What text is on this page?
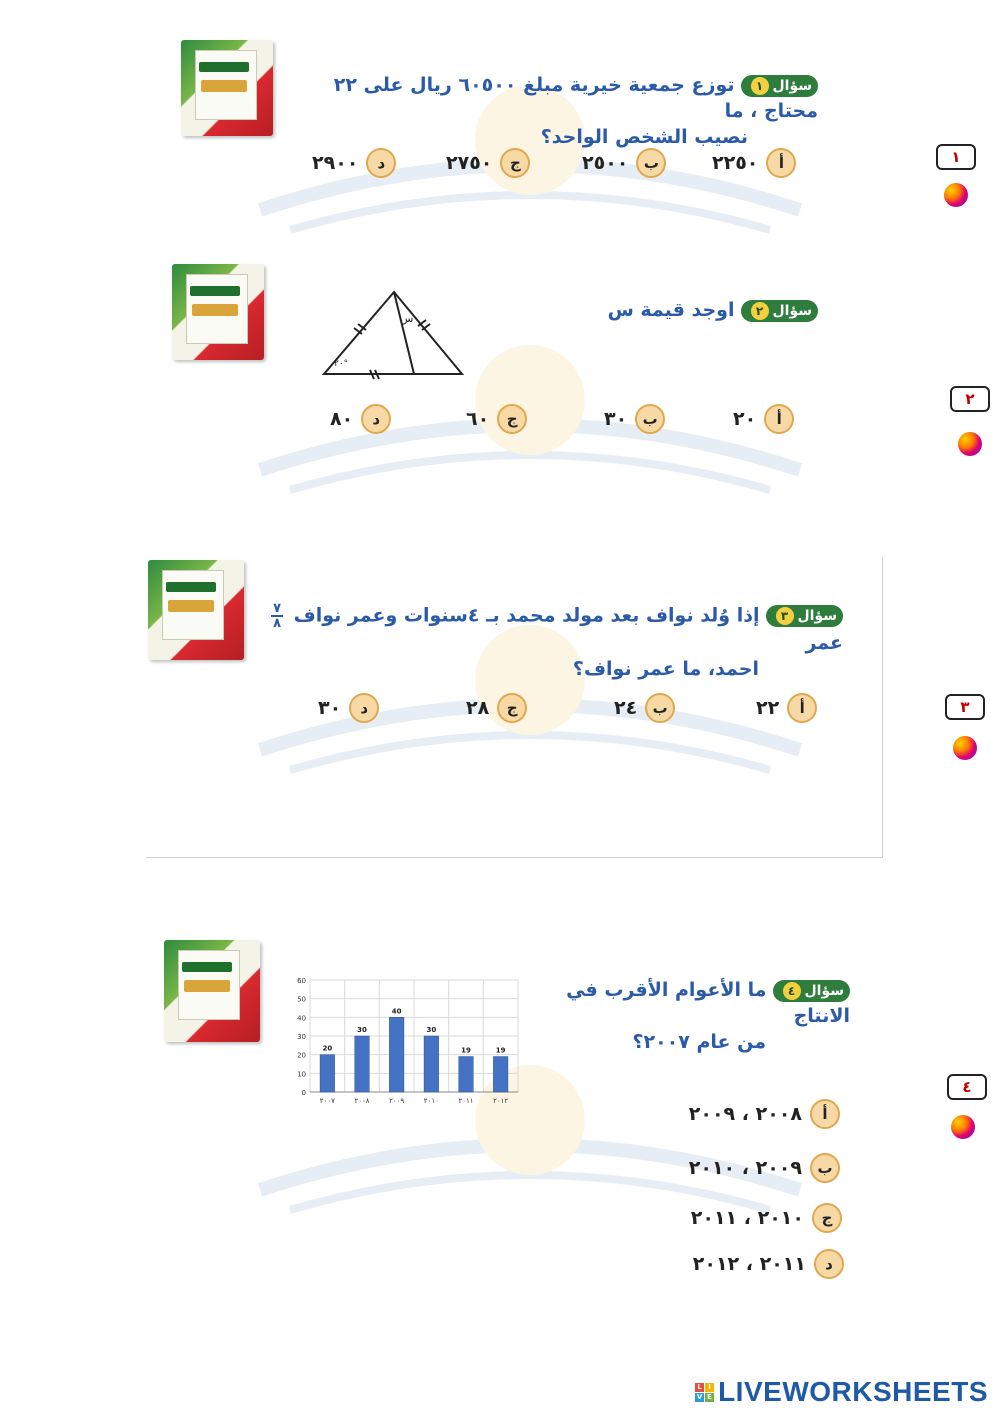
سؤال١توزع جمعية خيرية مبلغ ٦٠٥٠٠ ريال على ٢٢ محتاج ، ما
نصيب الشخص الواحد؟
أ
٢٢٥٠
ب
٢٥٠٠
ج
٢٧٥٠
د
٢٩٠٠	١
٢٠°
س	سؤال٢اوجد قيمة س
أ
٢٠
ب
٣٠
ج
٦٠
د
٨٠
٢
سؤال٣إذا وُلد نواف بعد مولد محمد بـ ٤سنوات وعمر نواف
٧
٨
عمر
احمد، ما عمر نواف؟
أ
٢٢
ب
٢٤
ج
٢٨
د
٣٠	٣
0
10
20
30
40
50
60
20
٢٠٠٧
30
٢٠٠٨
40
٢٠٠٩
30
٢٠١٠
19
٢٠١١
19
٢٠١٢
سؤال٤ما الأعوام الأقرب في الانتاج
من عام ٢٠٠٧؟
أ
٢٠٠٨ ، ٢٠٠٩
ب
٢٠٠٩ ، ٢٠١٠
ج
٢٠١٠ ، ٢٠١١
د
٢٠١١ ، ٢٠١٢
٤
L I
V E LIVEWORKSHEETS
